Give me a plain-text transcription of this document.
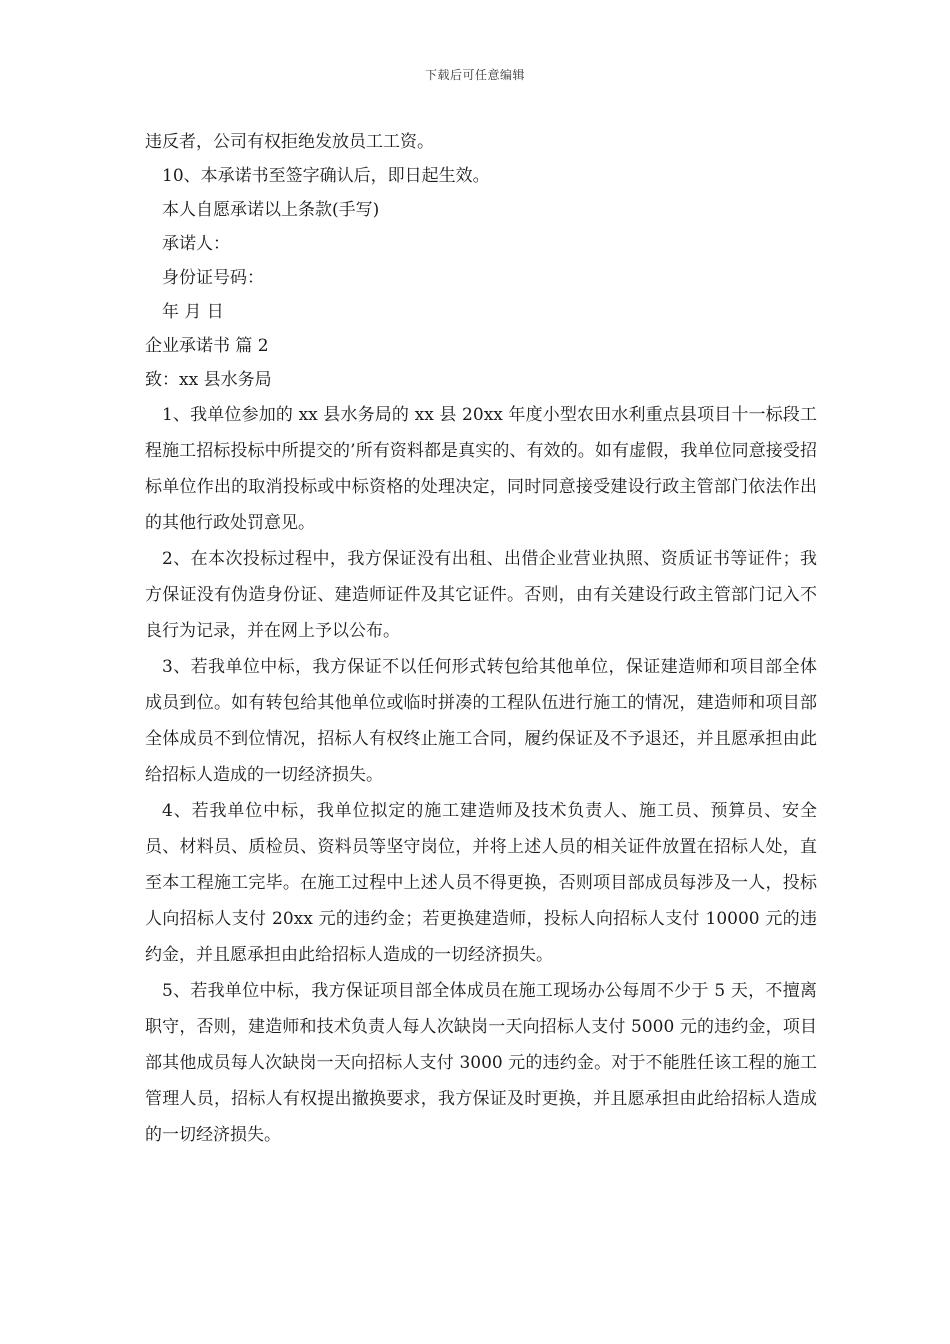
下载后可任意编辑
违反者，公司有权拒绝发放员工工资。
10、本承诺书至签字确认后，即日起生效。
本人自愿承诺以上条款(手写)
承诺人：
身份证号码：
年 月 日
企业承诺书 篇 2
致：xx 县水务局

1、我单位参加的 xx 县水务局的 xx 县 20xx 年度小型农田水利重点县项目十一标段工程施工招标投标中所提交的’所有资料都是真实的、有效的。如有虚假，我单位同意接受招标单位作出的取消投标或中标资格的处理决定，同时同意接受建设行政主管部门依法作出的其他行政处罚意见。

2、在本次投标过程中，我方保证没有出租、出借企业营业执照、资质证书等证件；我方保证没有伪造身份证、建造师证件及其它证件。否则，由有关建设行政主管部门记入不良行为记录，并在网上予以公布。

3、若我单位中标，我方保证不以任何形式转包给其他单位，保证建造师和项目部全体成员到位。如有转包给其他单位或临时拼凑的工程队伍进行施工的情况，建造师和项目部全体成员不到位情况，招标人有权终止施工合同，履约保证及不予退还，并且愿承担由此给招标人造成的一切经济损失。

4、若我单位中标，我单位拟定的施工建造师及技术负责人、施工员、预算员、安全员、材料员、质检员、资料员等坚守岗位，并将上述人员的相关证件放置在招标人处，直至本工程施工完毕。在施工过程中上述人员不得更换，否则项目部成员每涉及一人，投标人向招标人支付 20xx 元的违约金；若更换建造师，投标人向招标人支付 10000 元的违约金，并且愿承担由此给招标人造成的一切经济损失。

5、若我单位中标，我方保证项目部全体成员在施工现场办公每周不少于 5 天，不擅离职守，否则，建造师和技术负责人每人次缺岗一天向招标人支付 5000 元的违约金，项目部其他成员每人次缺岗一天向招标人支付 3000 元的违约金。对于不能胜任该工程的施工管理人员，招标人有权提出撤换要求，我方保证及时更换，并且愿承担由此给招标人造成的一切经济损失。
